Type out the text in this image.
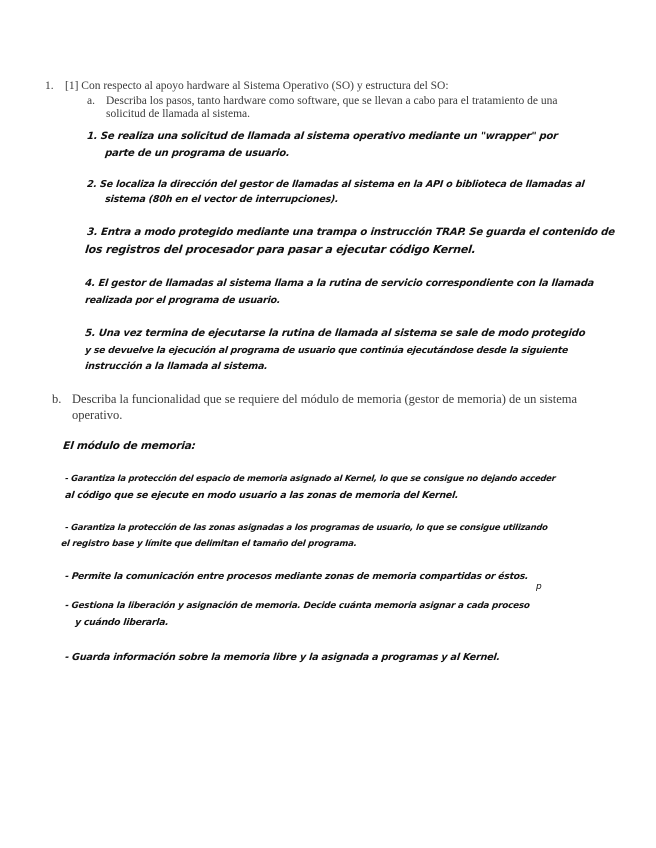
1. [1] Con respecto al apoyo hardware al Sistema Operativo (SO) y estructura del SO:
a. Describa los pasos, tanto hardware como software, que se llevan a cabo para el tratamiento de una
solicitud de llamada al sistema.
1. Se realiza una solicitud de llamada al sistema operativo mediante un "wrapper" por
parte de un programa de usuario.
2. Se localiza la dirección del gestor de llamadas al sistema en la API o biblioteca de llamadas al
sistema (80h en el vector de interrupciones).
3. Entra a modo protegido mediante una trampa o instrucción TRAP. Se guarda el contenido de
los registros del procesador para pasar a ejecutar código Kernel.
4. El gestor de llamadas al sistema llama a la rutina de servicio correspondiente con la llamada
realizada por el programa de usuario.
5. Una vez termina de ejecutarse la rutina de llamada al sistema se sale de modo protegido
y se devuelve la ejecución al programa de usuario que continúa ejecutándose desde la siguiente
instrucción a la llamada al sistema.
b. Describa la funcionalidad que se requiere del módulo de memoria (gestor de memoria) de un sistema
operativo.
El módulo de memoria:
- Garantiza la protección del espacio de memoria asignado al Kernel, lo que se consigue no dejando acceder
al código que se ejecute en modo usuario a las zonas de memoria del Kernel.
- Garantiza la protección de las zonas asignadas a los programas de usuario, lo que se consigue utilizando
el registro base y límite que delimitan el tamaño del programa.
- Permite la comunicación entre procesos mediante zonas de memoria compartidas or éstos.
p
- Gestiona la liberación y asignación de memoria. Decide cuánta memoria asignar a cada proceso
y cuándo liberarla.
- Guarda información sobre la memoria libre y la asignada a programas y al Kernel.
